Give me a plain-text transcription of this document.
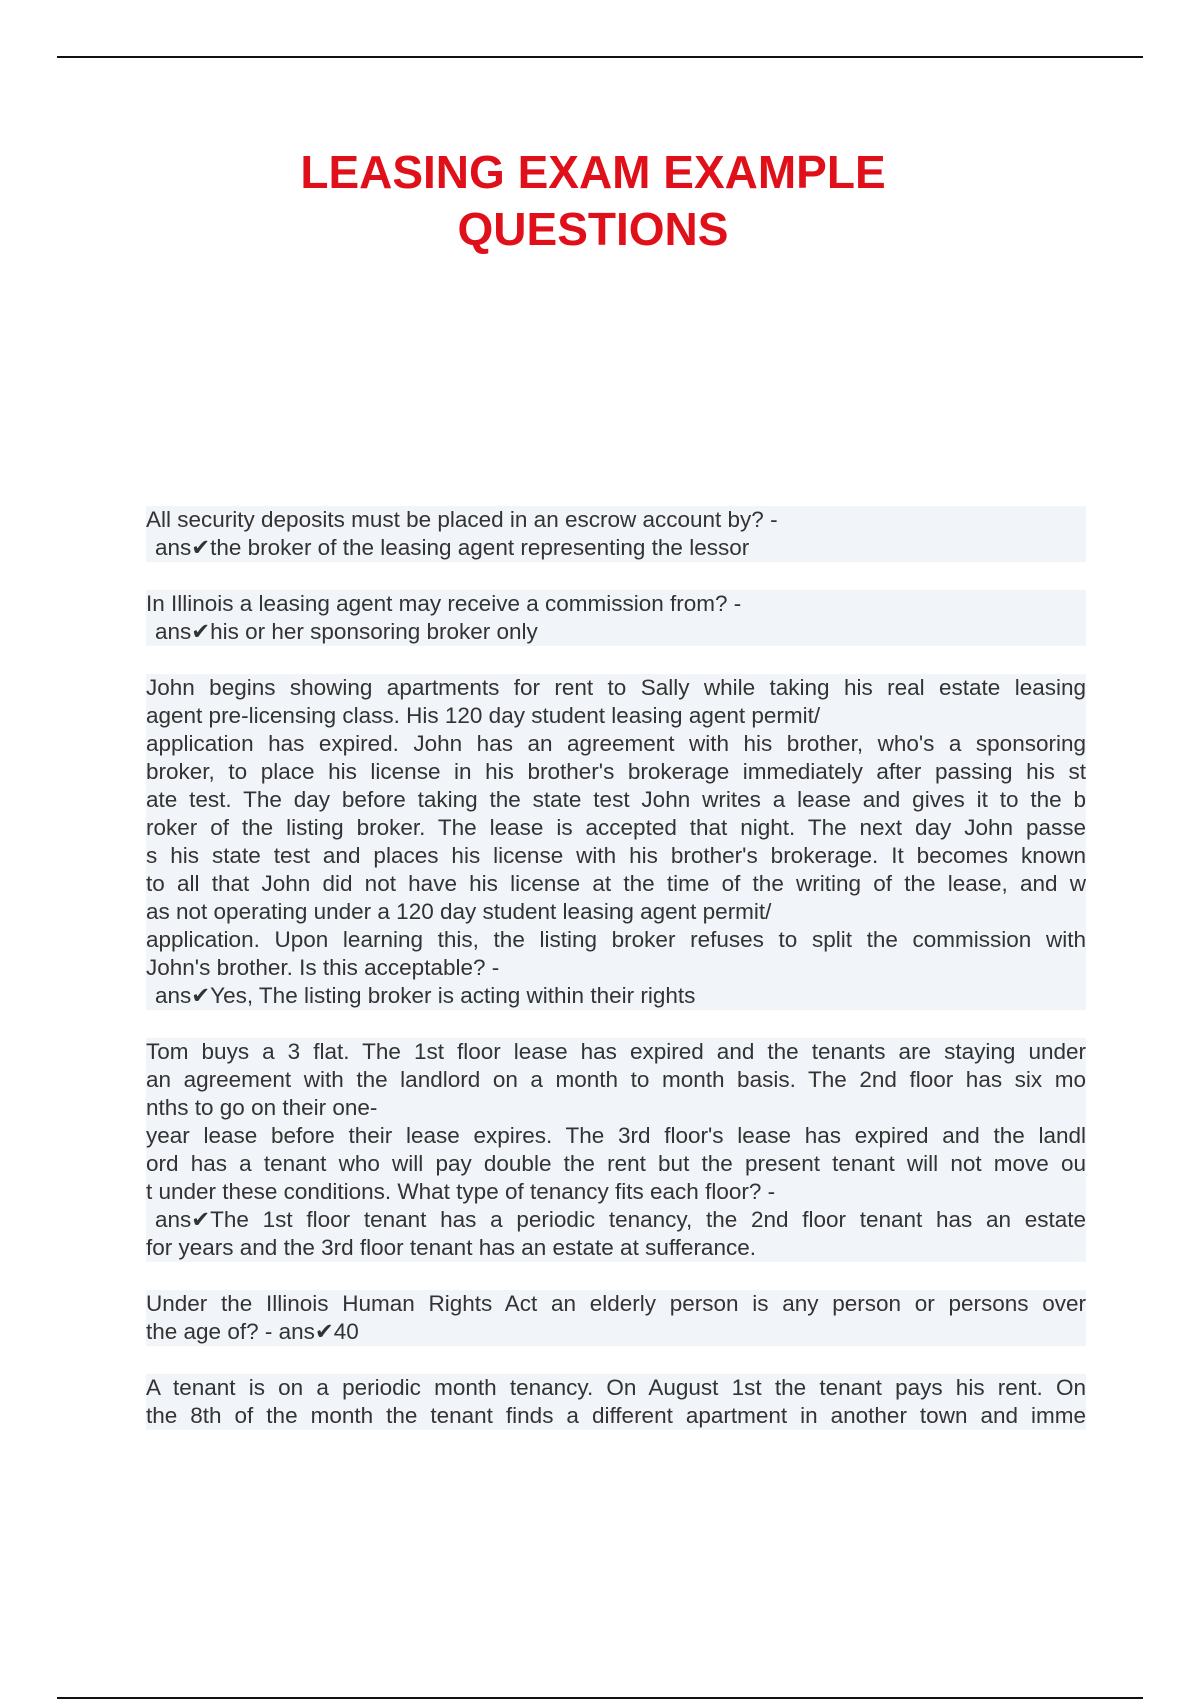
LEASING EXAM EXAMPLE
QUESTIONS
All security deposits must be placed in an escrow account by? -
ans✔the broker of the leasing agent representing the lessor
In Illinois a leasing agent may receive a commission from? -
ans✔his or her sponsoring broker only
John begins showing apartments for rent to Sally while taking his real estate leasing
agent pre-licensing class. His 120 day student leasing agent permit/
application has expired. John has an agreement with his brother, who's a sponsoring
broker, to place his license in his brother's brokerage immediately after passing his st
ate test. The day before taking the state test John writes a lease and gives it to the b
roker of the listing broker. The lease is accepted that night. The next day John passe
s his state test and places his license with his brother's brokerage. It becomes known
to all that John did not have his license at the time of the writing of the lease, and w
as not operating under a 120 day student leasing agent permit/
application. Upon learning this, the listing broker refuses to split the commission with
John's brother. Is this acceptable? -
ans✔Yes, The listing broker is acting within their rights
Tom buys a 3 flat. The 1st floor lease has expired and the tenants are staying under
an agreement with the landlord on a month to month basis. The 2nd floor has six mo
nths to go on their one-
year lease before their lease expires. The 3rd floor's lease has expired and the landl
ord has a tenant who will pay double the rent but the present tenant will not move ou
t under these conditions. What type of tenancy fits each floor? -
ans✔The 1st floor tenant has a periodic tenancy, the 2nd floor tenant has an estate
for years and the 3rd floor tenant has an estate at sufferance.
Under the Illinois Human Rights Act an elderly person is any person or persons over
the age of? - ans✔40
A tenant is on a periodic month tenancy. On August 1st the tenant pays his rent. On
the 8th of the month the tenant finds a different apartment in another town and imme
